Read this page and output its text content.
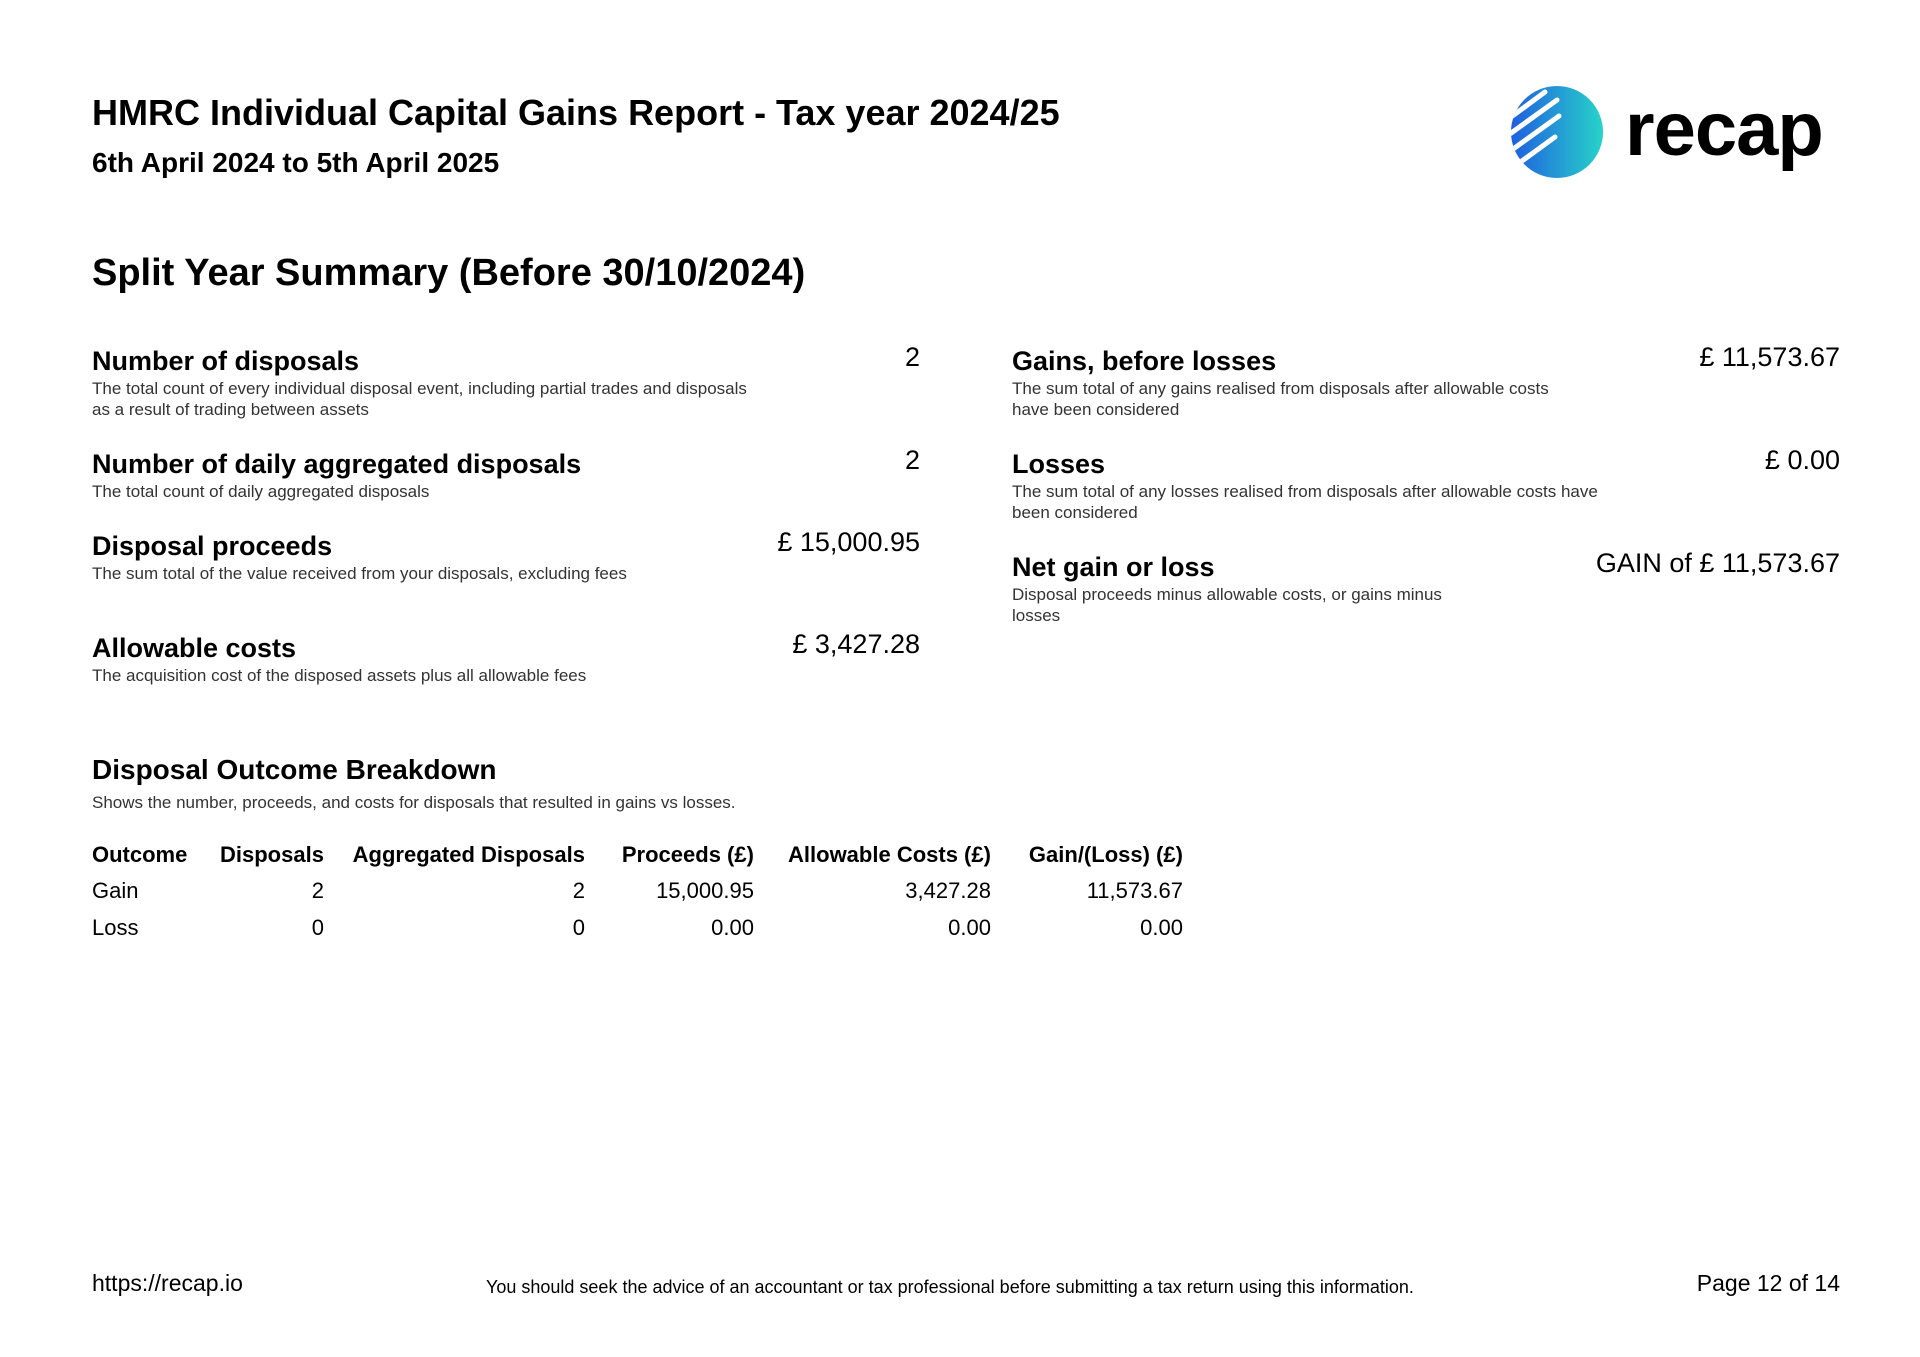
HMRC Individual Capital Gains Report - Tax year 2024/25
6th April 2024 to 5th April 2025	recap
Split Year Summary (Before 30/10/2024)
Number of disposals
The total count of every individual disposal event, including partial trades and disposals as a result of trading between assets
2
Number of daily aggregated disposals
The total count of daily aggregated disposals
2
Disposal proceeds
The sum total of the value received from your disposals, excluding fees
£ 15,000.95
Allowable costs
The acquisition cost of the disposed assets plus all allowable fees
£ 3,427.28
Gains, before losses
The sum total of any gains realised from disposals after allowable costs have been considered
£ 11,573.67
Losses
The sum total of any losses realised from disposals after allowable costs have been considered
£ 0.00
Net gain or loss
Disposal proceeds minus allowable costs, or gains minus losses
GAIN of £ 11,573.67
Disposal Outcome Breakdown
Shows the number, proceeds, and costs for disposals that resulted in gains vs losses.
Outcome	Disposals	Aggregated Disposals	Proceeds (£)	Allowable Costs (£)	Gain/(Loss) (£)
Gain	2	2	15,000.95	3,427.28	11,573.67
Loss	0	0	0.00	0.00	0.00
https://recap.io	You should seek the advice of an accountant or tax professional before submitting a tax return using this information.	Page 12 of 14
